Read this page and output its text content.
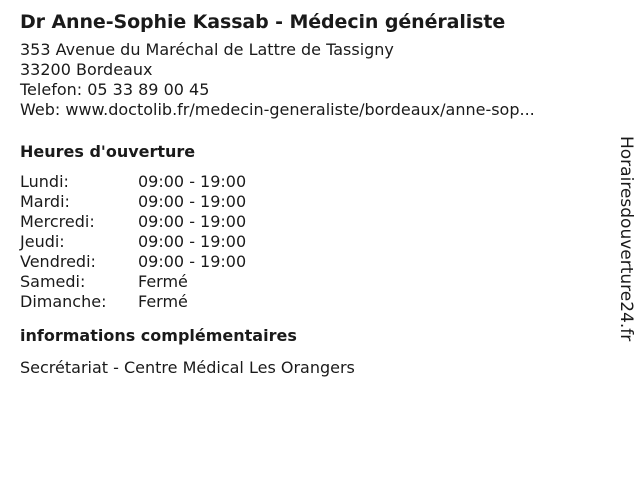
Dr Anne-Sophie Kassab - Médecin généraliste
353 Avenue du Maréchal de Lattre de Tassigny
33200 Bordeaux
Telefon: 05 33 89 00 45
Web: www.doctolib.fr/medecin-generaliste/bordeaux/anne-sop...
Heures d'ouverture
Lundi:	09:00 - 19:00
Mardi:	09:00 - 19:00
Mercredi:	09:00 - 19:00
Jeudi:	09:00 - 19:00
Vendredi:	09:00 - 19:00
Samedi:	Fermé
Dimanche:	Fermé
informations complémentaires
Secrétariat - Centre Médical Les Orangers
Horairesdouverture24.fr
